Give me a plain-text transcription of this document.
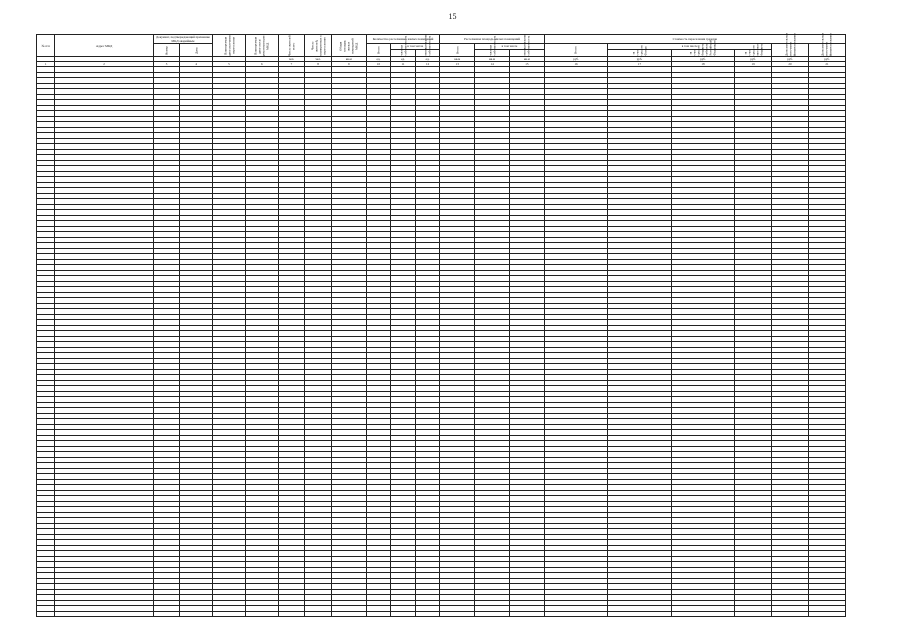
15
№ п/п	Адрес МКД	Документ, подтверждающий признание МКД аварийным		Планируемая дата окончания переселения	Планируемая дата сноса/реконструкции МКД	Число жителей всего	Число жителей, планируемых к переселению	Общая площадь жилых помещений МКД	Количество расселяемых жилых помещений			Расселяемая площадь жилых помещений			Стоимость переселения граждан					
		Номер	Дата						Всего	в том числе		Всего	в том числе		Всего	в том числе			Дополнительные источники финансирования	Дополнительные источники финансирования
										частная собственность	муниципальная собственность		частная собственность	муниципальная собственность		за счет средств Фонда	за счет средств бюджета субъекта Российской Федерации	за счет средств местного бюджета		
						чел.	чел.	кв.м	ед.	ед.	ед.	кв.м	кв.м	кв.м	руб.	руб.	руб.	руб.	руб.	руб.
1	2	3	4	5	6	7	8	9	10	11	12	13	14	15	16	17	18	19	20	21
